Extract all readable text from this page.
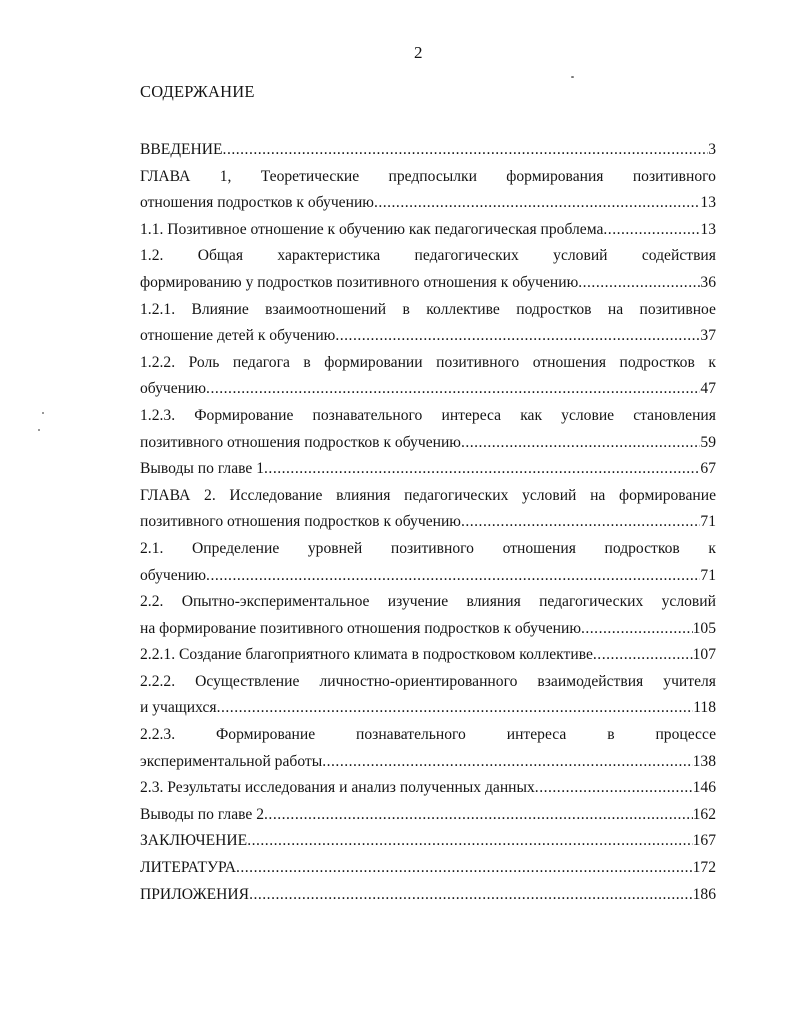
2
СОДЕРЖАНИЕ
ВВЕДЕНИЕ .....	3
ГЛАВА 1, Теоретические предпосылки формирования позитивного
отношения подростков к обучению .....	13
1.1. Позитивное отношение к обучению как педагогическая проблема .....	13
1.2. Общая характеристика педагогических условий содействия
формированию у подростков позитивного отношения к обучению .....	36
1.2.1. Влияние взаимоотношений в коллективе подростков на позитивное
отношение детей к обучению .....	37
1.2.2. Роль педагога в формировании позитивного отношения подростков к
обучению .....	47
1.2.3. Формирование познавательного интереса как условие становления
позитивного отношения подростков к обучению .....	59
Выводы по главе 1 .....	67
ГЛАВА 2. Исследование влияния педагогических условий на формирование
позитивного отношения подростков к обучению .....	71
2.1. Определение уровней позитивного отношения подростков к
обучению .....	71
2.2. Опытно-экспериментальное изучение влияния педагогических условий
на формирование позитивного отношения подростков к обучению .....	105
2.2.1. Создание благоприятного климата в подростковом коллективе .....	107
2.2.2. Осуществление личностно-ориентированного взаимодействия учителя
и учащихся .....	118
2.2.3.	Формирование	познавательного	интереса	в	процессе
экспериментальной работы .....	138
2.3. Результаты исследования и анализ полученных данных .....	146
Выводы по главе 2 .....	162
ЗАКЛЮЧЕНИЕ .....	167
ЛИТЕРАТУРА .....	172
ПРИЛОЖЕНИЯ .....	186
